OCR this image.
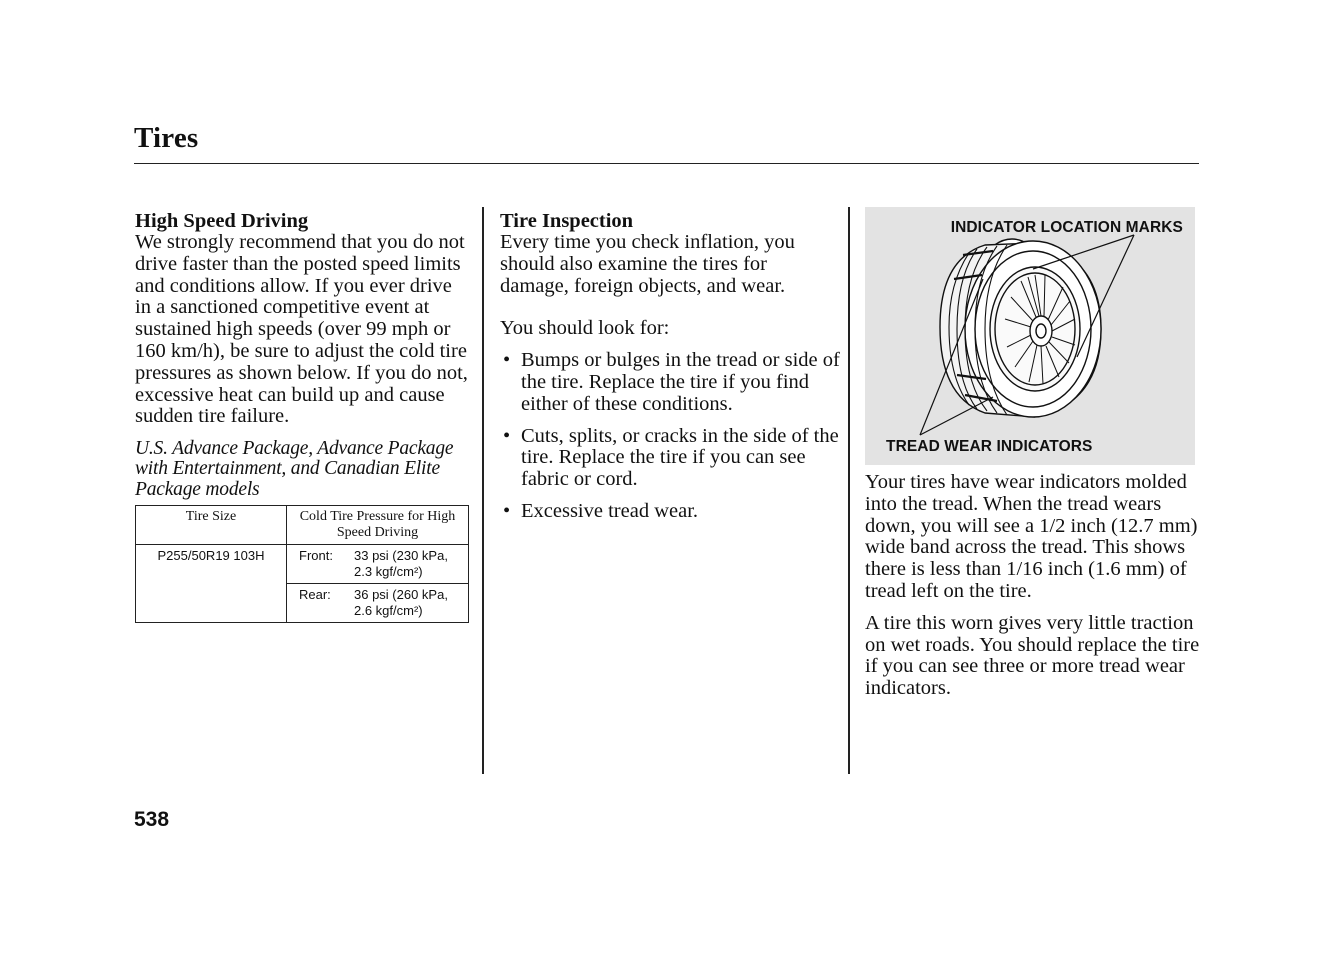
Tires
High Speed Driving

We strongly recommend that you do not drive faster than the posted speed limits and conditions allow. If you ever drive in a sanctioned competitive event at sustained high speeds (over 99 mph or 160 km/h), be sure to adjust the cold tire pressures as shown below. If you do not, excessive heat can build up and cause sudden tire failure.

U.S. Advance Package, Advance Package with Entertainment, and Canadian Elite Package models

Tire Size	Cold Tire Pressure for High Speed Driving
P255/50R19 103H	Front: 33 psi (230 kPa,
2.3 kgf/cm²)

	Rear: 36 psi (260 kPa,
2.6 kgf/cm²)
Tire Inspection

Every time you check inflation, you should also examine the tires for damage, foreign objects, and wear.

You should look for:

• Bumps or bulges in the tread or side of the tire. Replace the tire if you find either of these conditions.
• Cuts, splits, or cracks in the side of the tire. Replace the tire if you can see fabric or cord.
• Excessive tread wear.
INDICATOR LOCATION MARKS
TREAD WEAR INDICATORS

Your tires have wear indicators molded into the tread. When the tread wears down, you will see a 1/2 inch (12.7 mm) wide band across the tread. This shows there is less than 1/16 inch (1.6 mm) of tread left on the tire.

A tire this worn gives very little traction on wet roads. You should replace the tire if you can see three or more tread wear indicators.

538
